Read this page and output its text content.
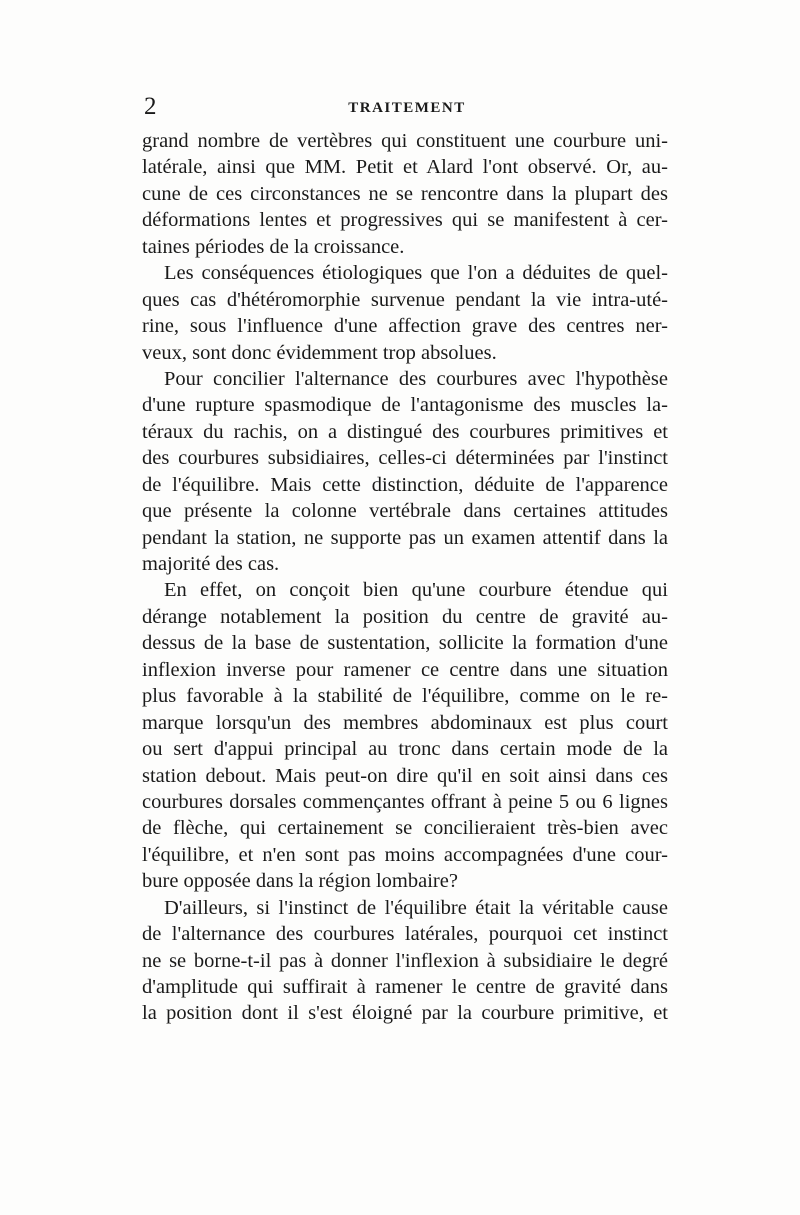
2	TRAITEMENT
grand nombre de vertèbres qui constituent une courbure uni-
latérale, ainsi que MM. Petit et Alard l'ont observé. Or, au-
cune de ces circonstances ne se rencontre dans la plupart des
déformations lentes et progressives qui se manifestent à cer-
taines périodes de la croissance.
Les conséquences étiologiques que l'on a déduites de quel-
ques cas d'hétéromorphie survenue pendant la vie intra-uté-
rine, sous l'influence d'une affection grave des centres ner-
veux, sont donc évidemment trop absolues.
Pour concilier l'alternance des courbures avec l'hypothèse
d'une rupture spasmodique de l'antagonisme des muscles la-
téraux du rachis, on a distingué des courbures primitives et
des courbures subsidiaires, celles-ci déterminées par l'instinct
de l'équilibre. Mais cette distinction, déduite de l'apparence
que présente la colonne vertébrale dans certaines attitudes
pendant la station, ne supporte pas un examen attentif dans la
majorité des cas.
En effet, on conçoit bien qu'une courbure étendue qui
dérange notablement la position du centre de gravité au-
dessus de la base de sustentation, sollicite la formation d'une
inflexion inverse pour ramener ce centre dans une situation
plus favorable à la stabilité de l'équilibre, comme on le re-
marque lorsqu'un des membres abdominaux est plus court
ou sert d'appui principal au tronc dans certain mode de la
station debout. Mais peut-on dire qu'il en soit ainsi dans ces
courbures dorsales commençantes offrant à peine 5 ou 6 lignes
de flèche, qui certainement se concilieraient très-bien avec
l'équilibre, et n'en sont pas moins accompagnées d'une cour-
bure opposée dans la région lombaire?
D'ailleurs, si l'instinct de l'équilibre était la véritable cause
de l'alternance des courbures latérales, pourquoi cet instinct
ne se borne-t-il pas à donner l'inflexion à subsidiaire le degré
d'amplitude qui suffirait à ramener le centre de gravité dans
la position dont il s'est éloigné par la courbure primitive, et
